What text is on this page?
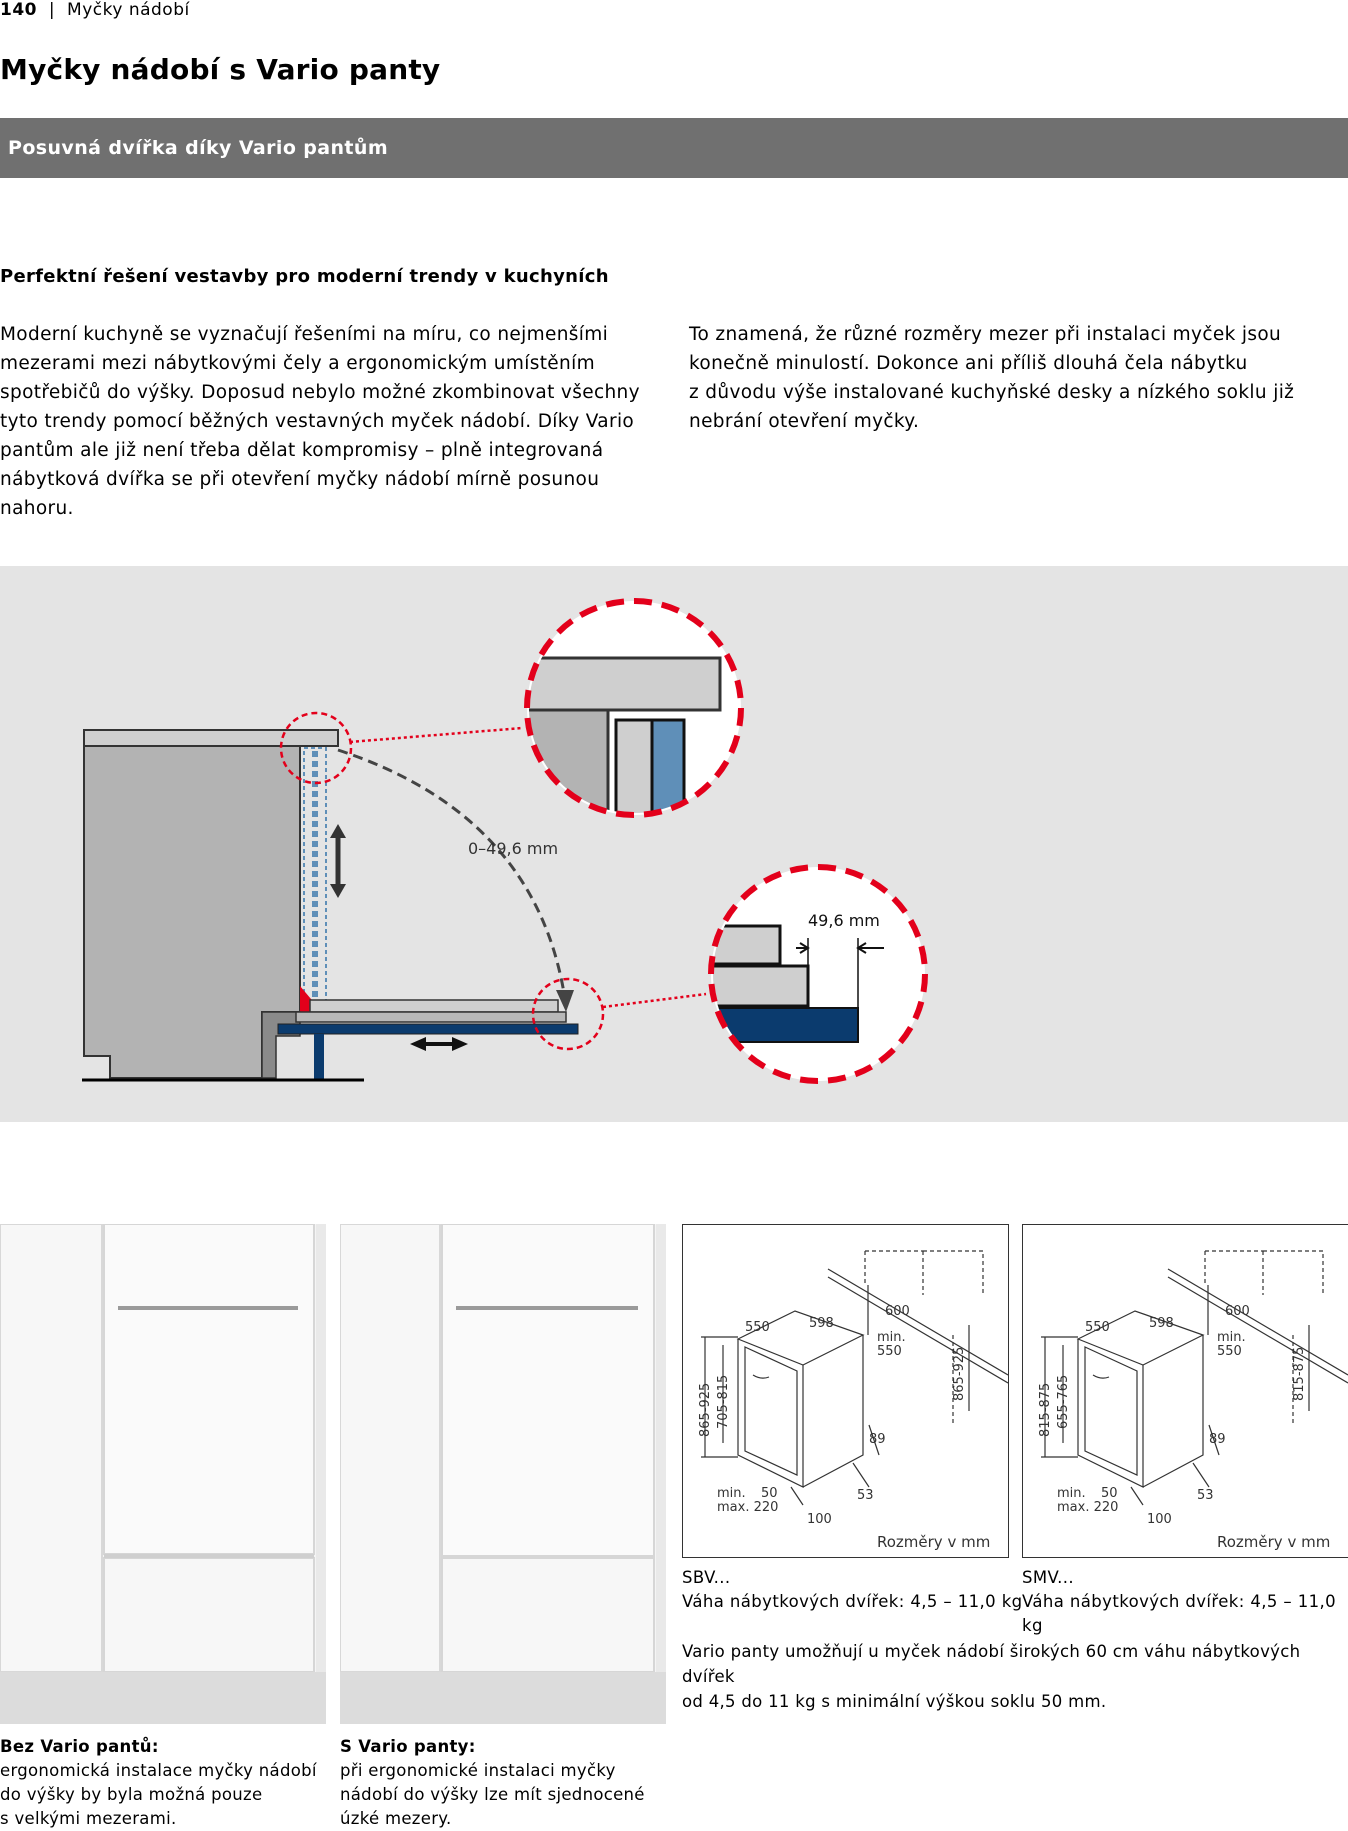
140 | Myčky nádobí
Myčky nádobí s Vario panty
Posuvná dvířka díky Vario pantům
Perfektní řešení vestavby pro moderní trendy v kuchyních
Moderní kuchyně se vyznačují řešeními na míru, co nejmenšími
mezerami mezi nábytkovými čely a ergonomickým umístěním
spotřebičů do výšky. Doposud nebylo možné zkombinovat všechny
tyto trendy pomocí běžných vestavných myček nádobí. Díky Vario
pantům ale již není třeba dělat kompromisy – plně integrovaná
nábytková dvířka se při otevření myčky nádobí mírně posunou
nahoru.
To znamená, že různé rozměry mezer při instalaci myček jsou
konečně minulostí. Dokonce ani příliš dlouhá čela nábytku
z důvodu výše instalované kuchyňské desky a nízkého soklu již
nebrání otevření myčky.
0–49,6 mm
49,6 mm
Bez Vario pantů:
ergonomická instalace myčky nádobí
do výšky by byla možná pouze
s velkými mezerami.
S Vario panty:
při ergonomické instalaci myčky
nádobí do výšky lze mít sjednocené
úzké mezery.
550	598
600
min.
550
865-925 705-815
865-925
89
53
100
min. 50
max. 220
Rozměry v mm
SBV...
Váha nábytkových dvířek: 4,5 – 11,0 kg
550	598
600
min.
550
815-875 655-765
815-875
89
53
100
min. 50
max. 220
Rozměry v mm
SMV...
Váha nábytkových dvířek: 4,5 – 11,0 kg
Vario panty umožňují u myček nádobí širokých 60 cm váhu nábytkových dvířek
od 4,5 do 11 kg s minimální výškou soklu 50 mm.
